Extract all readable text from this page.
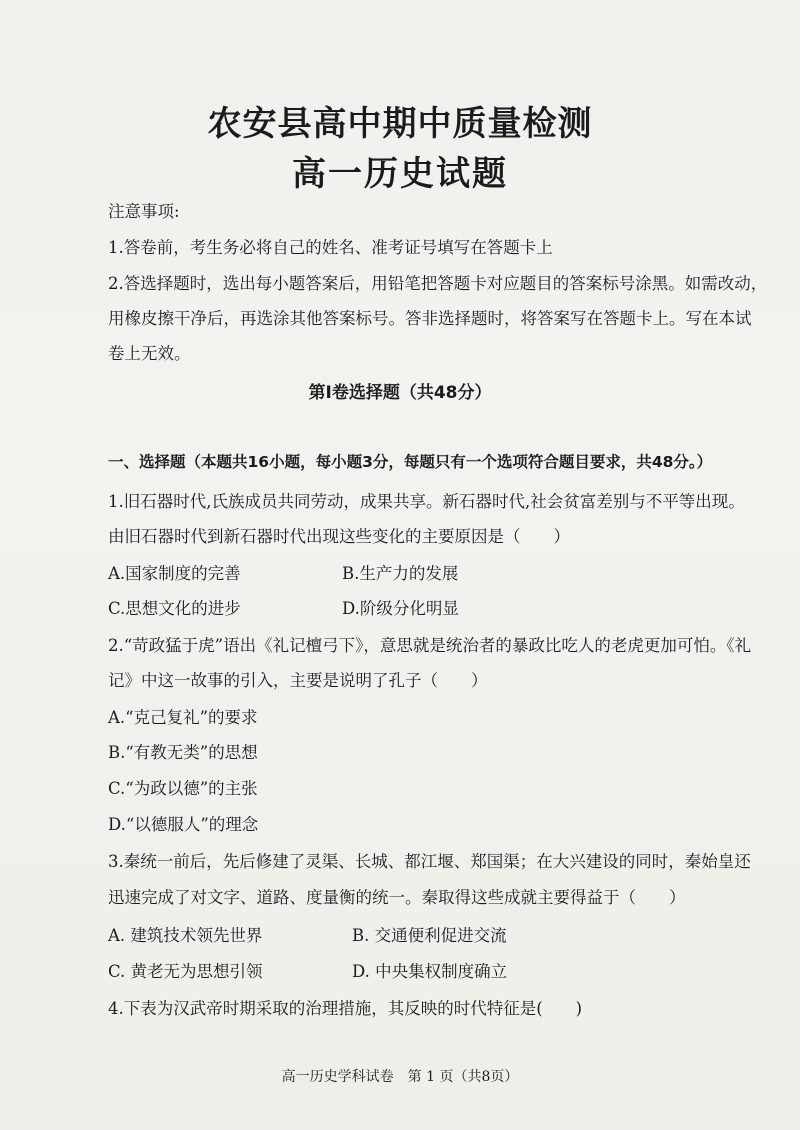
农安县高中期中质量检测
高一历史试题
注意事项:
1.答卷前，考生务必将自己的姓名、准考证号填写在答题卡上
2.答选择题时，选出每小题答案后，用铅笔把答题卡对应题目的答案标号涂黑。如需改动，
用橡皮擦干净后，再选涂其他答案标号。答非选择题时，将答案写在答题卡上。写在本试
卷上无效。
第Ⅰ卷选择题（共48分）
一、选择题（本题共16小题，每小题3分，每题只有一个选项符合题目要求，共48分。）
1.旧石器时代,氏族成员共同劳动，成果共享。新石器时代,社会贫富差别与不平等出现。
由旧石器时代到新石器时代出现这些变化的主要原因是（　　）
A.国家制度的完善	B.生产力的发展
C.思想文化的进步	D.阶级分化明显
2.“苛政猛于虎”语出《礼记檀弓下》，意思就是统治者的暴政比吃人的老虎更加可怕。《礼
记》中这一故事的引入，主要是说明了孔子（　　）
A.“克己复礼”的要求
B.“有教无类”的思想
C.“为政以德”的主张
D.“以德服人”的理念
3.秦统一前后，先后修建了灵渠、长城、都江堰、郑国渠；在大兴建设的同时，秦始皇还
迅速完成了对文字、道路、度量衡的统一。秦取得这些成就主要得益于（　　）
A. 建筑技术领先世界	B. 交通便利促进交流
C. 黄老无为思想引领	D. 中央集权制度确立
4.下表为汉武帝时期采取的治理措施，其反映的时代特征是(　　)
高一历史学科试卷　第 1 页（共8页）
